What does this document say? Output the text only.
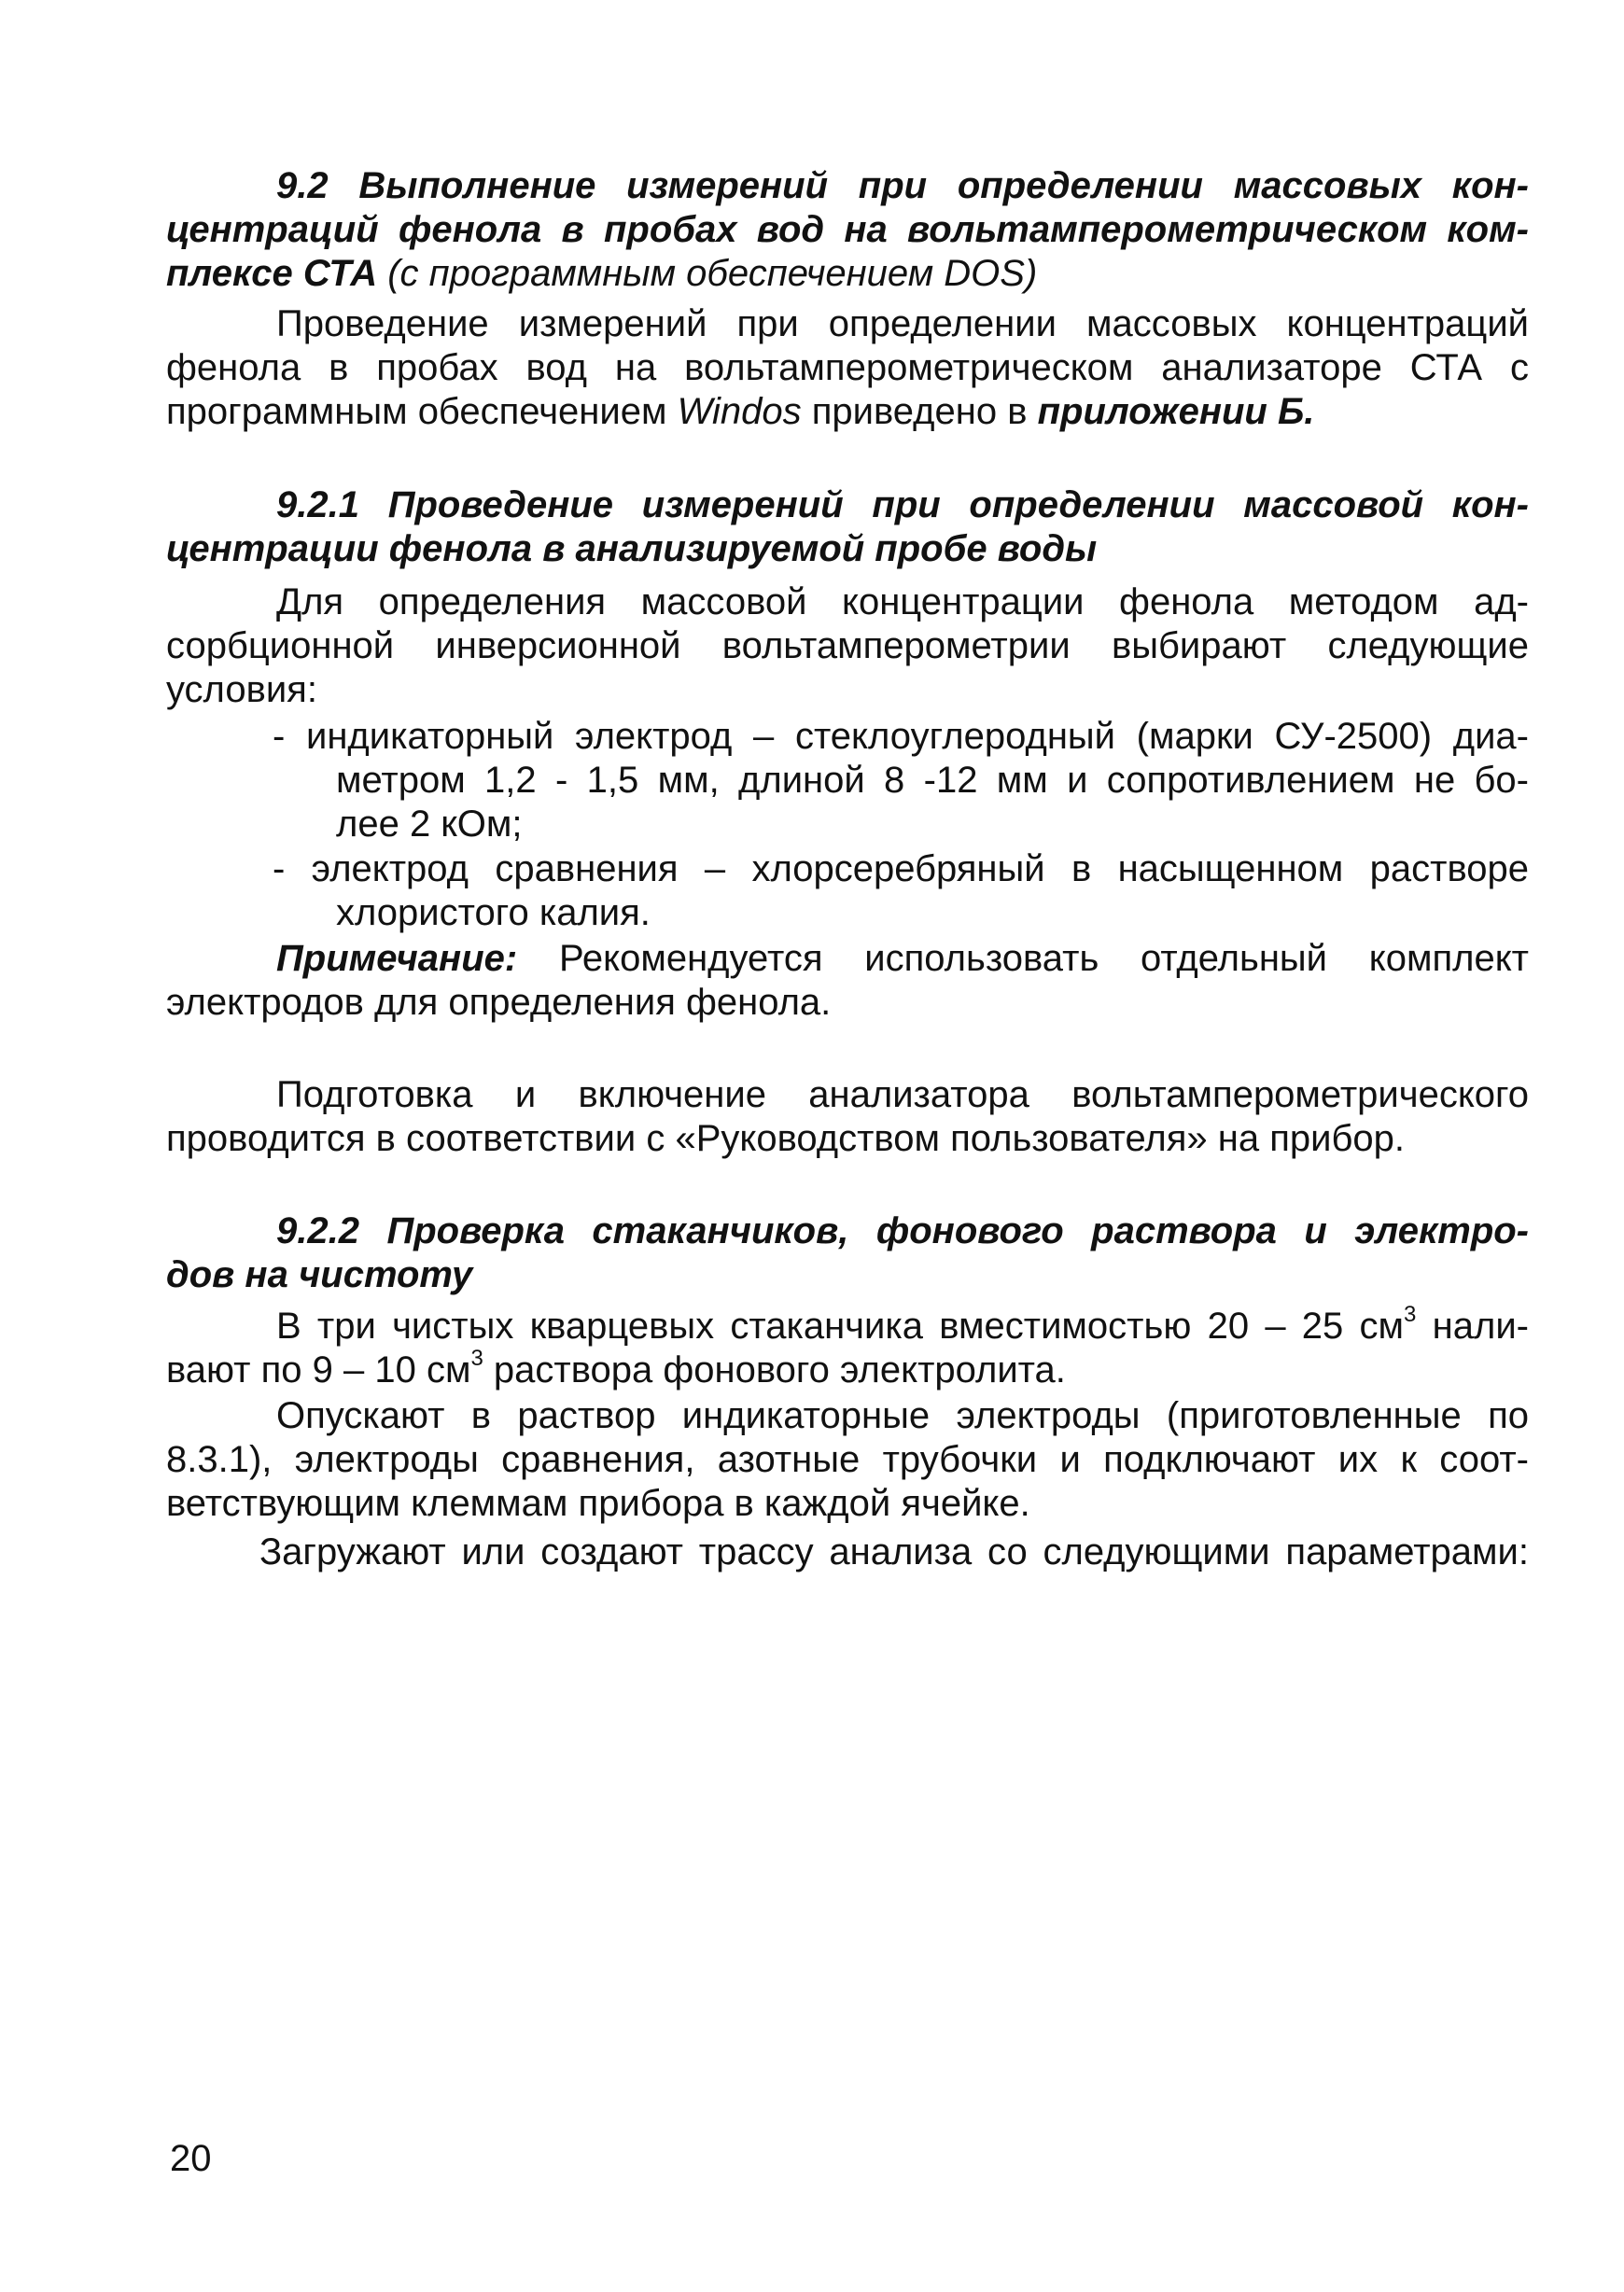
9.2 Выполнение измерений при определении массовых кон-
центраций фенола в пробах вод на вольтамперометрическом ком-
плексе СТА (с программным обеспечением DOS)
Проведение измерений при определении массовых концентраций
фенола в пробах вод на вольтамперометрическом анализаторе СТА с
программным обеспечением Windos приведено в приложении Б.
9.2.1 Проведение измерений при определении массовой кон-
центрации фенола в анализируемой пробе воды
Для определения массовой концентрации фенола методом ад-
сорбционной инверсионной вольтамперометрии выбирают следующие
условия:
- индикаторный электрод – стеклоуглеродный (марки СУ-2500) диа-
метром 1,2 - 1,5 мм, длиной 8 -12 мм и сопротивлением не бо-
лее 2 кОм;
- электрод сравнения – хлорсеребряный в насыщенном растворе
хлористого калия.
Примечание: Рекомендуется использовать отдельный комплект
электродов для определения фенола.
Подготовка и включение анализатора вольтамперометрического
проводится в соответствии с «Руководством пользователя» на прибор.
9.2.2 Проверка стаканчиков, фонового раствора и электро-
дов на чистоту
В три чистых кварцевых стаканчика вместимостью 20 – 25 $см^3$ нали-
вают по 9 – 10 $см^3$ раствора фонового электролита.
Опускают в раствор индикаторные электроды (приготовленные по
8.3.1), электроды сравнения, азотные трубочки и подключают их к соот-
ветствующим клеммам прибора в каждой ячейке.
Загружают или создают трассу анализа со следующими параметрами:
20
